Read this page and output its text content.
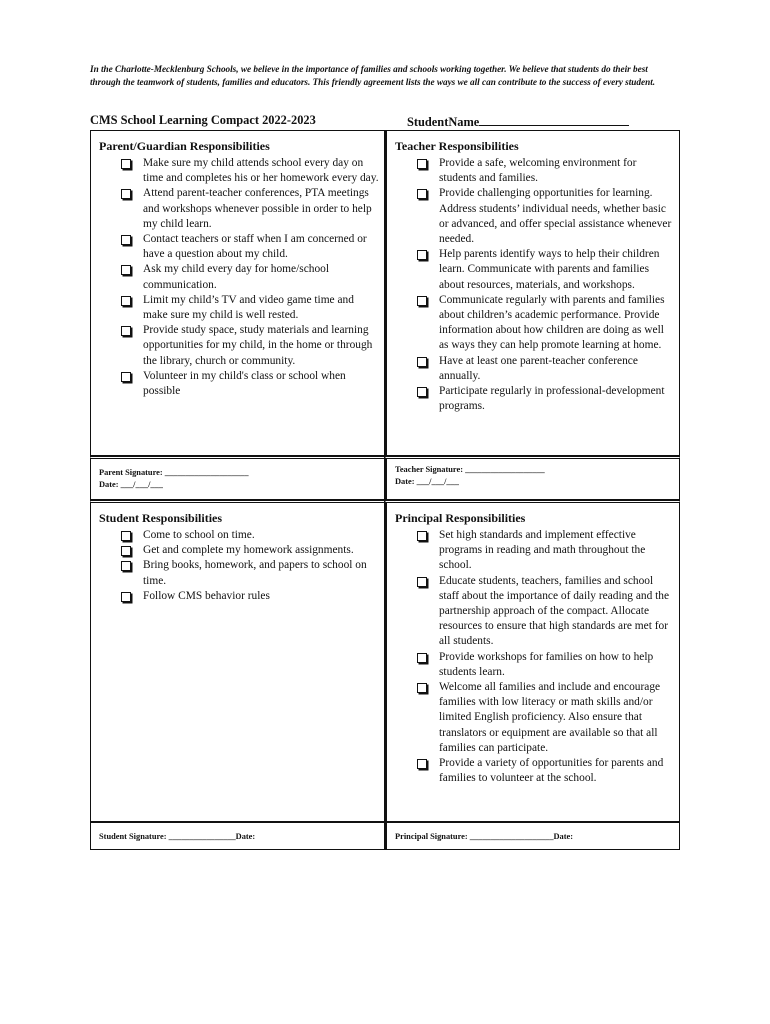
In the Charlotte-Mecklenburg Schools, we believe in the importance of families and schools working together. We believe that students do their best through the teamwork of students, families and educators. This friendly agreement lists the ways we all can contribute to the success of every student.
CMS School Learning Compact 2022-2023	StudentName
Parent/Guardian Responsibilities
Make sure my child attends school every day on time and completes his or her homework every day.
Attend parent-teacher conferences, PTA meetings and workshops whenever possible in order to help my child learn.
Contact teachers or staff when I am concerned or have a question about my child.
Ask my child every day for home/school communication.
Limit my child’s TV and video game time and make sure my child is well rested.
Provide study space, study materials and learning opportunities for my child, in the home or through the library, church or community.
Volunteer in my child's class or school when possible
Teacher Responsibilities
Provide a safe, welcoming environment for students and families.
Provide challenging opportunities for learning. Address students’ individual needs, whether basic or advanced, and offer special assistance whenever needed.
Help parents identify ways to help their children learn. Communicate with parents and families about resources, materials, and workshops.
Communicate regularly with parents and families about children’s academic performance. Provide information about how children are doing as well as ways they can help promote learning at home.
Have at least one parent-teacher conference annually.
Participate regularly in professional-development programs.
Parent Signature: ____________________
Date: ___/___/___
Teacher Signature: ___________________
Date: ___/___/___
Student Responsibilities
Come to school on time.
Get and complete my homework assignments.
Bring books, homework, and papers to school on time.
Follow CMS behavior rules
Principal Responsibilities
Set high standards and implement effective programs in reading and math throughout the school.
Educate students, teachers, families and school staff about the importance of daily reading and the partnership approach of the compact. Allocate resources to ensure that high standards are met for all students.
Provide workshops for families on how to help students learn.
Welcome all families and include and encourage families with low literacy or math skills and/or limited English proficiency. Also ensure that translators or equipment are available so that all families can participate.
Provide a variety of opportunities for parents and families to volunteer at the school.
Student Signature: ________________Date:	Principal Signature: ____________________Date:
